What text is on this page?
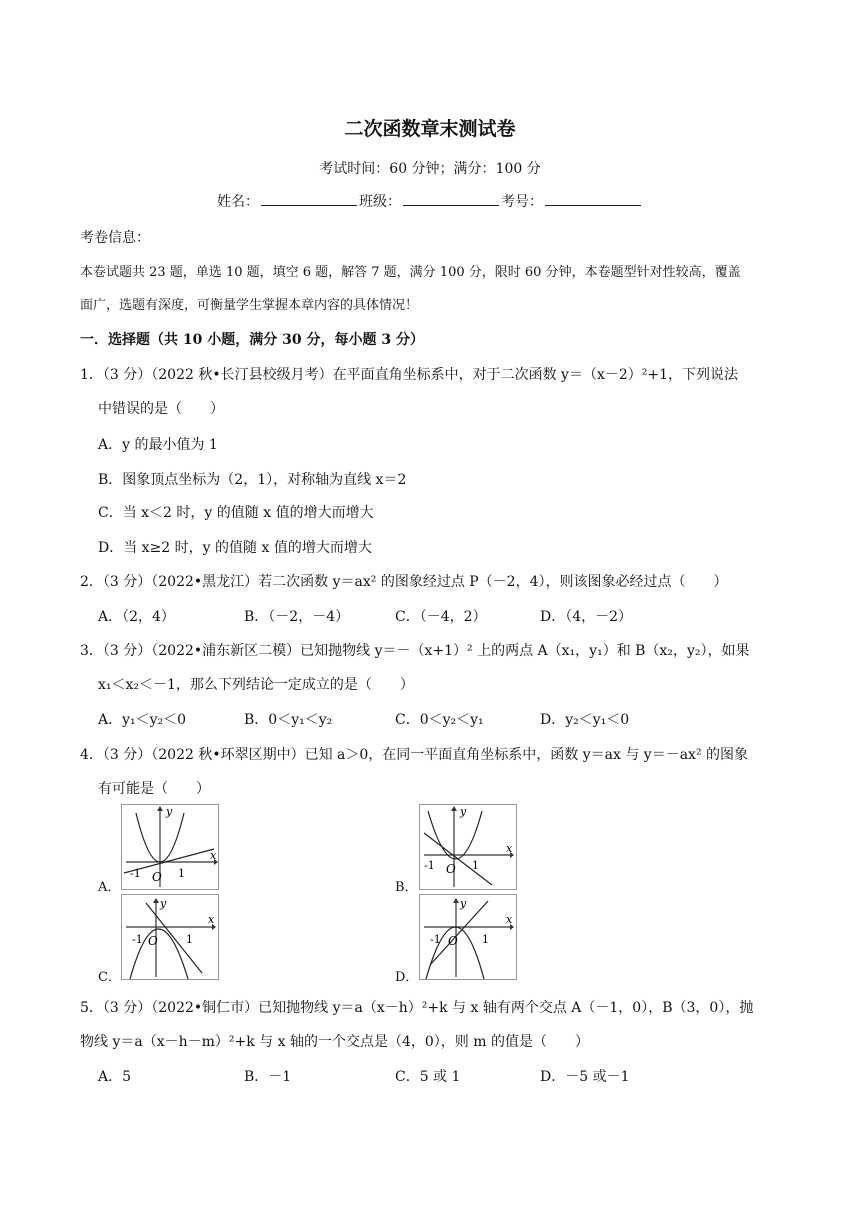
二次函数章末测试卷
考试时间：60 分钟；满分：100 分
姓名：	班级：	考号：
考卷信息：
本卷试题共 23 题，单选 10 题，填空 6 题，解答 7 题，满分 100 分，限时 60 分钟，本卷题型针对性较高，覆盖
面广，选题有深度，可衡量学生掌握本章内容的具体情况！
一．选择题（共 10 小题，满分 30 分，每小题 3 分）
1．（3 分）（2022 秋•长汀县校级月考）在平面直角坐标系中，对于二次函数 y＝（x－2）²+1，下列说法
中错误的是（　　）
A．y 的最小值为 1
B．图象顶点坐标为（2，1），对称轴为直线 x＝2
C．当 x＜2 时，y 的值随 x 值的增大而增大
D．当 x≥2 时，y 的值随 x 值的增大而增大
2．（3 分）（2022•黑龙江）若二次函数 y＝ax² 的图象经过点 P（－2，4），则该图象必经过点（　　）
A．（2，4）	B．（－2，－4）	C．（－4，2）	D．（4，－2）
3．（3 分）（2022•浦东新区二模）已知抛物线 y＝－（x+1）² 上的两点 A（x₁，y₁）和 B（x₂，y₂），如果
x₁＜x₂＜－1，那么下列结论一定成立的是（　　）
A．y₁＜y₂＜0	B．0＜y₁＜y₂	C．0＜y₂＜y₁	D．y₂＜y₁＜0
4．（3 分）（2022 秋•环翠区期中）已知 a＞0，在同一平面直角坐标系中，函数 y＝ax 与 y＝－ax² 的图象
有可能是（　　）
A．
y
x
O
-1	1
B．
y
x
O
-1	1
C．
y
x
O
-1	1
D．
y
x
O
-1	1
5．（3 分）（2022•铜仁市）已知抛物线 y＝a（x－h）²+k 与 x 轴有两个交点 A（－1，0），B（3，0），抛
物线 y＝a（x－h－m）²+k 与 x 轴的一个交点是（4，0），则 m 的值是（　　）
A．5	B．－1	C．5 或 1	D．－5 或－1
